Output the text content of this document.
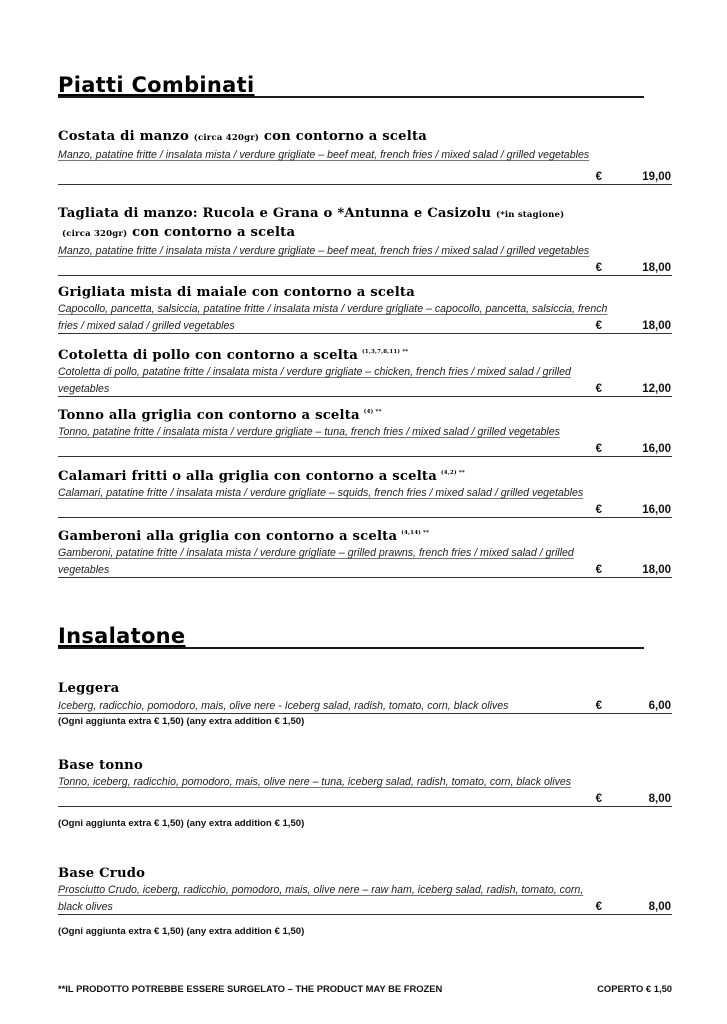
Piatti Combinati
Costata di manzo (circa 420gr) con contorno a scelta
Manzo, patatine fritte / insalata mista / verdure grigliate – beef meat, french fries / mixed salad / grilled vegetables
€	19,00
Tagliata di manzo: Rucola e Grana o *Antunna e Casizolu (*in stagione)
(circa 320gr) con contorno a scelta
Manzo, patatine fritte / insalata mista / verdure grigliate – beef meat, french fries / mixed salad / grilled vegetables
€	18,00
Grigliata mista di maiale con contorno a scelta
Capocollo, pancetta, salsiccia, patatine fritte / insalata mista / verdure grigliate – capocollo, pancetta, salsiccia, french
fries / mixed salad / grilled vegetables	€	18,00
Cotoletta di pollo con contorno a scelta $^{(1,3,7,8,11) **}$
Cotoletta di pollo, patatine fritte / insalata mista / verdure grigliate – chicken, french fries / mixed salad / grilled
vegetables	€	12,00
Tonno alla griglia con contorno a scelta $^{(4) **}$
Tonno, patatine fritte / insalata mista / verdure grigliate – tuna, french fries / mixed salad / grilled vegetables
€	16,00
Calamari fritti o alla griglia con contorno a scelta $^{(4,2) **}$
Calamari, patatine fritte / insalata mista / verdure grigliate – squids, french fries / mixed salad / grilled vegetables
€	16,00
Gamberoni alla griglia con contorno a scelta $^{(4,14) **}$
Gamberoni, patatine fritte / insalata mista / verdure grigliate – grilled prawns, french fries / mixed salad / grilled
vegetables	€	18,00
Insalatone
Leggera
Iceberg, radicchio, pomodoro, mais, olive nere - Iceberg salad, radish, tomato, corn, black olives	€	6,00
(Ogni aggiunta extra € 1,50) (any extra addition € 1,50)
Base tonno
Tonno, iceberg, radicchio, pomodoro, mais, olive nere – tuna, iceberg salad, radish, tomato, corn, black olives
€	8,00
(Ogni aggiunta extra € 1,50) (any extra addition € 1,50)
Base Crudo
Prosciutto Crudo, iceberg, radicchio, pomodoro, mais, olive nere – raw ham, iceberg salad, radish, tomato, corn,
black olives	€	8,00
(Ogni aggiunta extra € 1,50) (any extra addition € 1,50)
**IL PRODOTTO POTREBBE ESSERE SURGELATO – THE PRODUCT MAY BE FROZEN	COPERTO € 1,50
